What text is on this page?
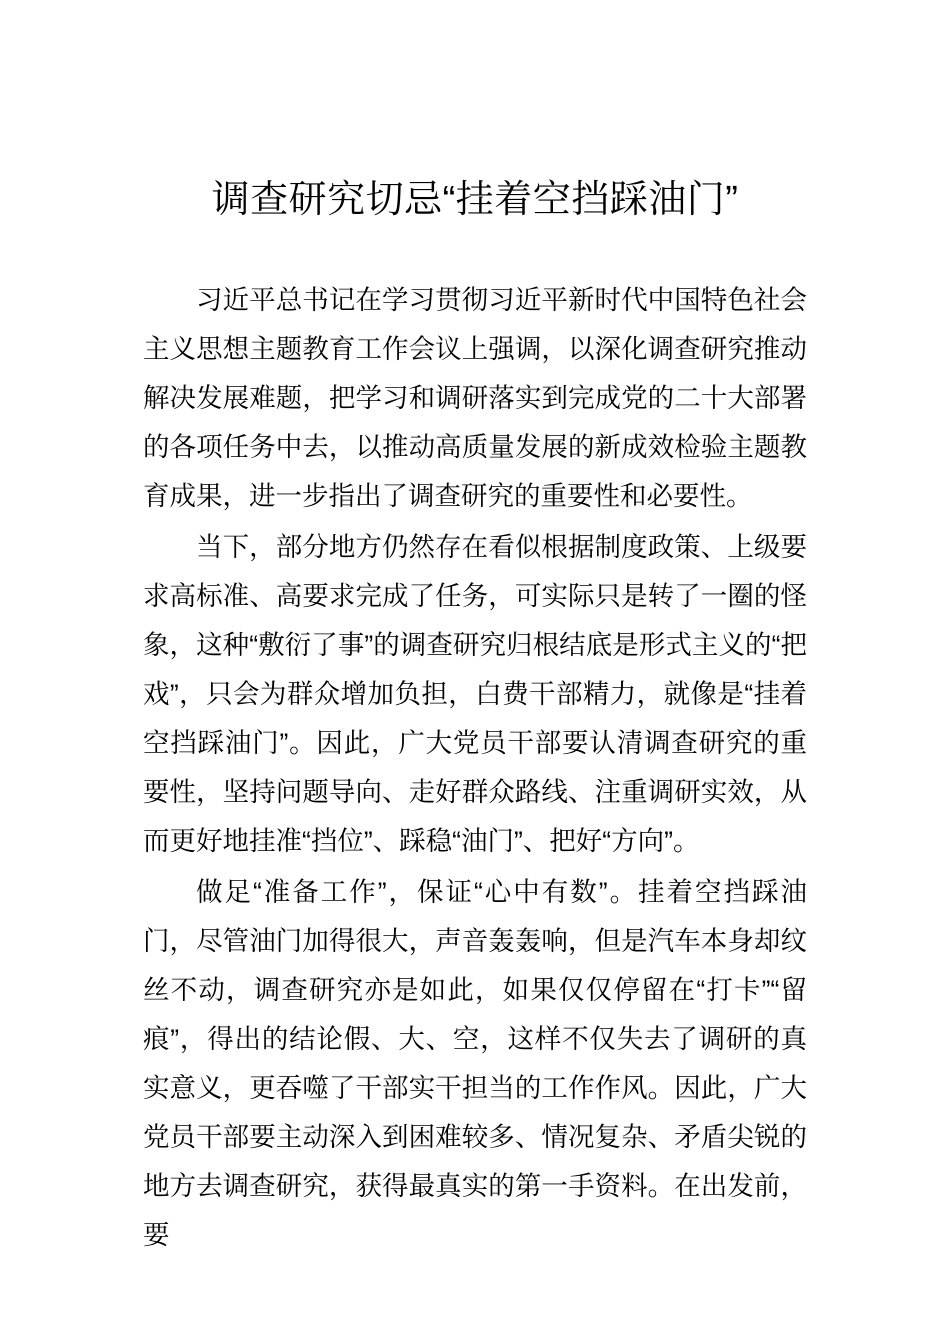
调查研究切忌“挂着空挡踩油门”

习近平总书记在学习贯彻习近平新时代中国特色社会主义思想主题教育工作会议上强调，以深化调查研究推动解决发展难题，把学习和调研落实到完成党的二十大部署的各项任务中去，以推动高质量发展的新成效检验主题教育成果，进一步指出了调查研究的重要性和必要性。

当下，部分地方仍然存在看似根据制度政策、上级要求高标准、高要求完成了任务，可实际只是转了一圈的怪象，这种“敷衍了事”的调查研究归根结底是形式主义的“把戏”，只会为群众增加负担，白费干部精力，就像是“挂着空挡踩油门”。因此，广大党员干部要认清调查研究的重要性，坚持问题导向、走好群众路线、注重调研实效，从而更好地挂准“挡位”、踩稳“油门”、把好“方向”。

做足“准备工作”，保证“心中有数”。挂着空挡踩油门，尽管油门加得很大，声音轰轰响，但是汽车本身却纹丝不动，调查研究亦是如此，如果仅仅停留在“打卡”“留痕”，得出的结论假、大、空，这样不仅失去了调研的真实意义，更吞噬了干部实干担当的工作作风。因此，广大党员干部要主动深入到困难较多、情况复杂、矛盾尖锐的地方去调查研究，获得最真实的第一手资料。在出发前，要
